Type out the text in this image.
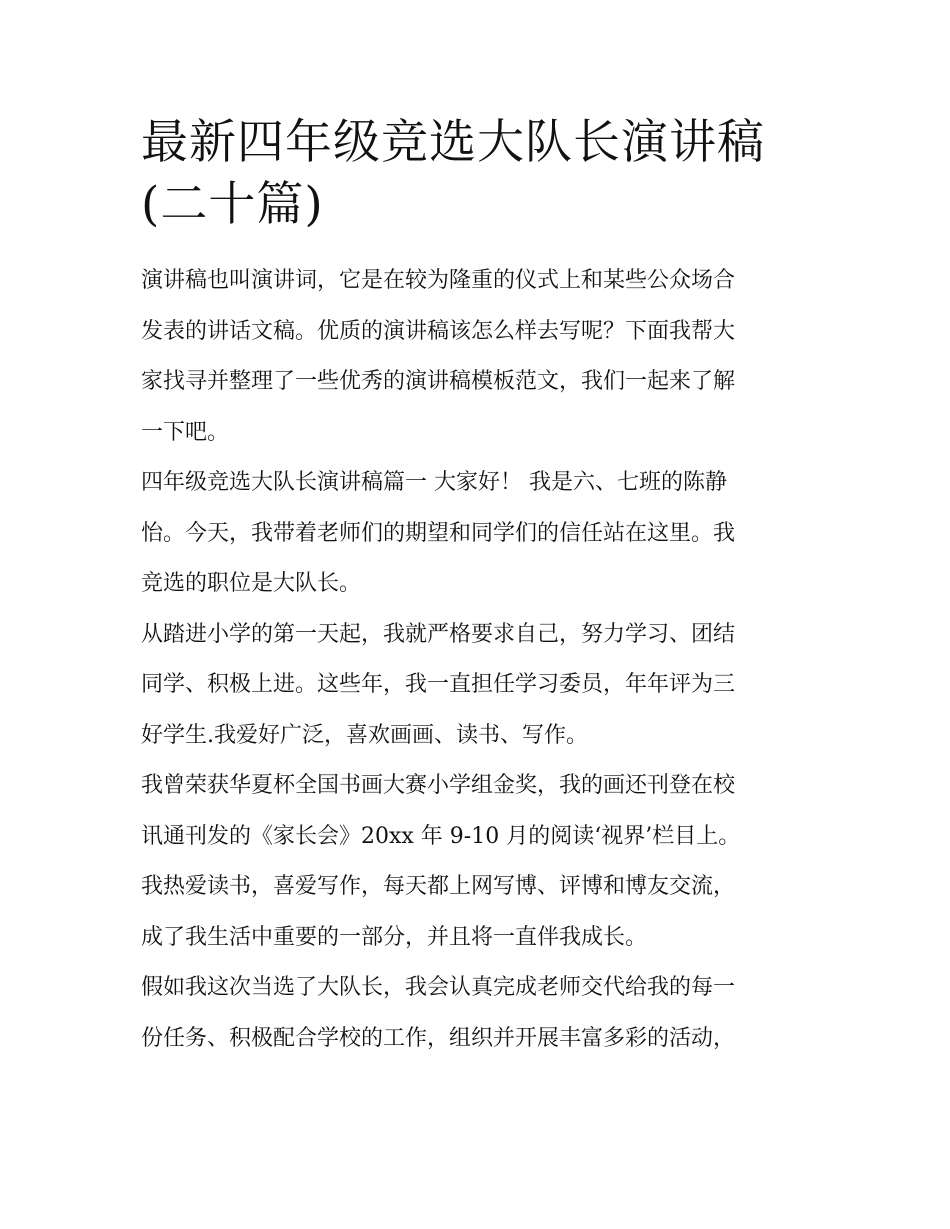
最新四年级竞选大队长演讲稿
(二十篇)

演讲稿也叫演讲词，它是在较为隆重的仪式上和某些公众场合
发表的讲话文稿。优质的演讲稿该怎么样去写呢？下面我帮大
家找寻并整理了一些优秀的演讲稿模板范文，我们一起来了解
一下吧。

四年级竞选大队长演讲稿篇一 大家好！ 我是六、七班的陈静
怡。今天，我带着老师们的期望和同学们的信任站在这里。我
竞选的职位是大队长。

从踏进小学的第一天起，我就严格要求自己，努力学习、团结
同学、积极上进。这些年，我一直担任学习委员，年年评为三
好学生.我爱好广泛，喜欢画画、读书、写作。

我曾荣获华夏杯全国书画大赛小学组金奖，我的画还刊登在校
讯通刊发的《家长会》20xx 年 9-10 月的阅读‘视界’栏目上。

我热爱读书，喜爱写作，每天都上网写博、评博和博友交流，
成了我生活中重要的一部分，并且将一直伴我成长。

假如我这次当选了大队长，我会认真完成老师交代给我的每一
份任务、积极配合学校的工作，组织并开展丰富多彩的活动，
